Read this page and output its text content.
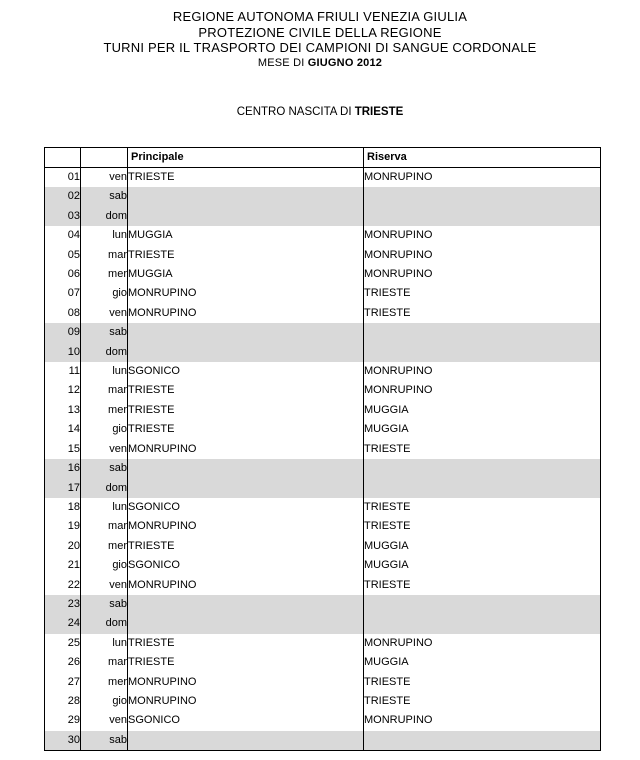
REGIONE AUTONOMA FRIULI VENEZIA GIULIA
PROTEZIONE CIVILE DELLA REGIONE
TURNI PER IL TRASPORTO DEI CAMPIONI DI SANGUE CORDONALE
MESE DI GIUGNO 2012
CENTRO NASCITA DI TRIESTE
		Principale	Riserva
01	ven	TRIESTE	MONRUPINO
02	sab		
03	dom		
04	lun	MUGGIA	MONRUPINO
05	mar	TRIESTE	MONRUPINO
06	mer	MUGGIA	MONRUPINO
07	gio	MONRUPINO	TRIESTE
08	ven	MONRUPINO	TRIESTE
09	sab		
10	dom		
11	lun	SGONICO	MONRUPINO
12	mar	TRIESTE	MONRUPINO
13	mer	TRIESTE	MUGGIA
14	gio	TRIESTE	MUGGIA
15	ven	MONRUPINO	TRIESTE
16	sab		
17	dom		
18	lun	SGONICO	TRIESTE
19	mar	MONRUPINO	TRIESTE
20	mer	TRIESTE	MUGGIA
21	gio	SGONICO	MUGGIA
22	ven	MONRUPINO	TRIESTE
23	sab		
24	dom		
25	lun	TRIESTE	MONRUPINO
26	mar	TRIESTE	MUGGIA
27	mer	MONRUPINO	TRIESTE
28	gio	MONRUPINO	TRIESTE
29	ven	SGONICO	MONRUPINO
30	sab		
